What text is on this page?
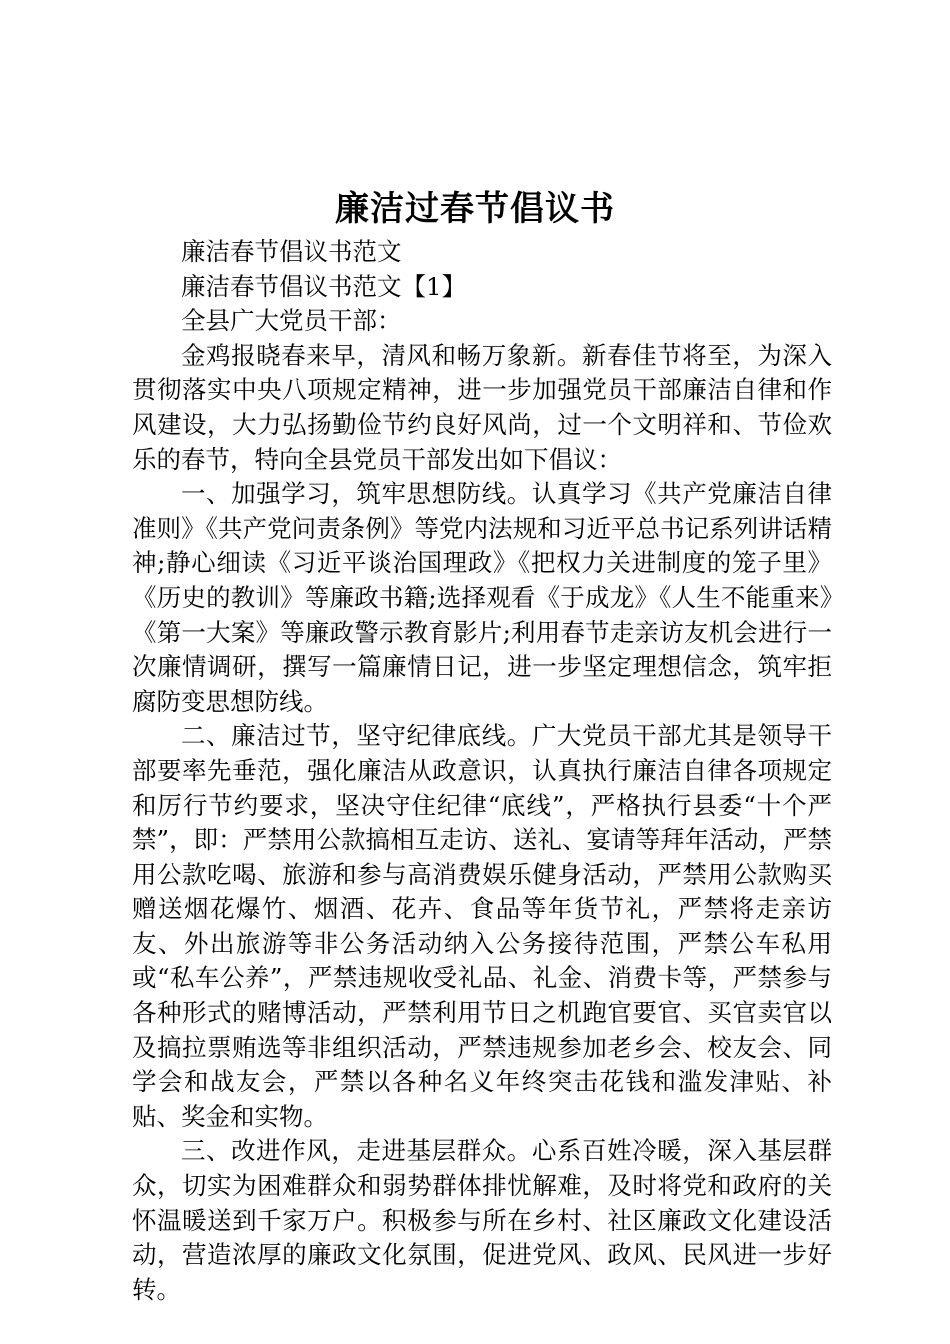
廉洁过春节倡议书

廉洁春节倡议书范文

廉洁春节倡议书范文【1】

全县广大党员干部：

金鸡报晓春来早，清风和畅万象新。新春佳节将至，为深入贯彻落实中央八项规定精神，进一步加强党员干部廉洁自律和作风建设，大力弘扬勤俭节约良好风尚，过一个文明祥和、节俭欢乐的春节，特向全县党员干部发出如下倡议：

一、加强学习，筑牢思想防线。认真学习《共产党廉洁自律准则》《共产党问责条例》等党内法规和习近平总书记系列讲话精神;静心细读《习近平谈治国理政》《把权力关进制度的笼子里》《历史的教训》等廉政书籍;选择观看《于成龙》《人生不能重来》《第一大案》等廉政警示教育影片;利用春节走亲访友机会进行一次廉情调研，撰写一篇廉情日记，进一步坚定理想信念，筑牢拒腐防变思想防线。

二、廉洁过节，坚守纪律底线。广大党员干部尤其是领导干部要率先垂范，强化廉洁从政意识，认真执行廉洁自律各项规定和厉行节约要求，坚决守住纪律“底线”，严格执行县委“十个严禁”，即：严禁用公款搞相互走访、送礼、宴请等拜年活动，严禁用公款吃喝、旅游和参与高消费娱乐健身活动，严禁用公款购买赠送烟花爆竹、烟酒、花卉、食品等年货节礼，严禁将走亲访友、外出旅游等非公务活动纳入公务接待范围，严禁公车私用或“私车公养”，严禁违规收受礼品、礼金、消费卡等，严禁参与各种形式的赌博活动，严禁利用节日之机跑官要官、买官卖官以及搞拉票贿选等非组织活动，严禁违规参加老乡会、校友会、同学会和战友会，严禁以各种名义年终突击花钱和滥发津贴、补贴、奖金和实物。

三、改进作风，走进基层群众。心系百姓冷暖，深入基层群众，切实为困难群众和弱势群体排忧解难，及时将党和政府的关怀温暖送到千家万户。积极参与所在乡村、社区廉政文化建设活动，营造浓厚的廉政文化氛围，促进党风、政风、民风进一步好转。
